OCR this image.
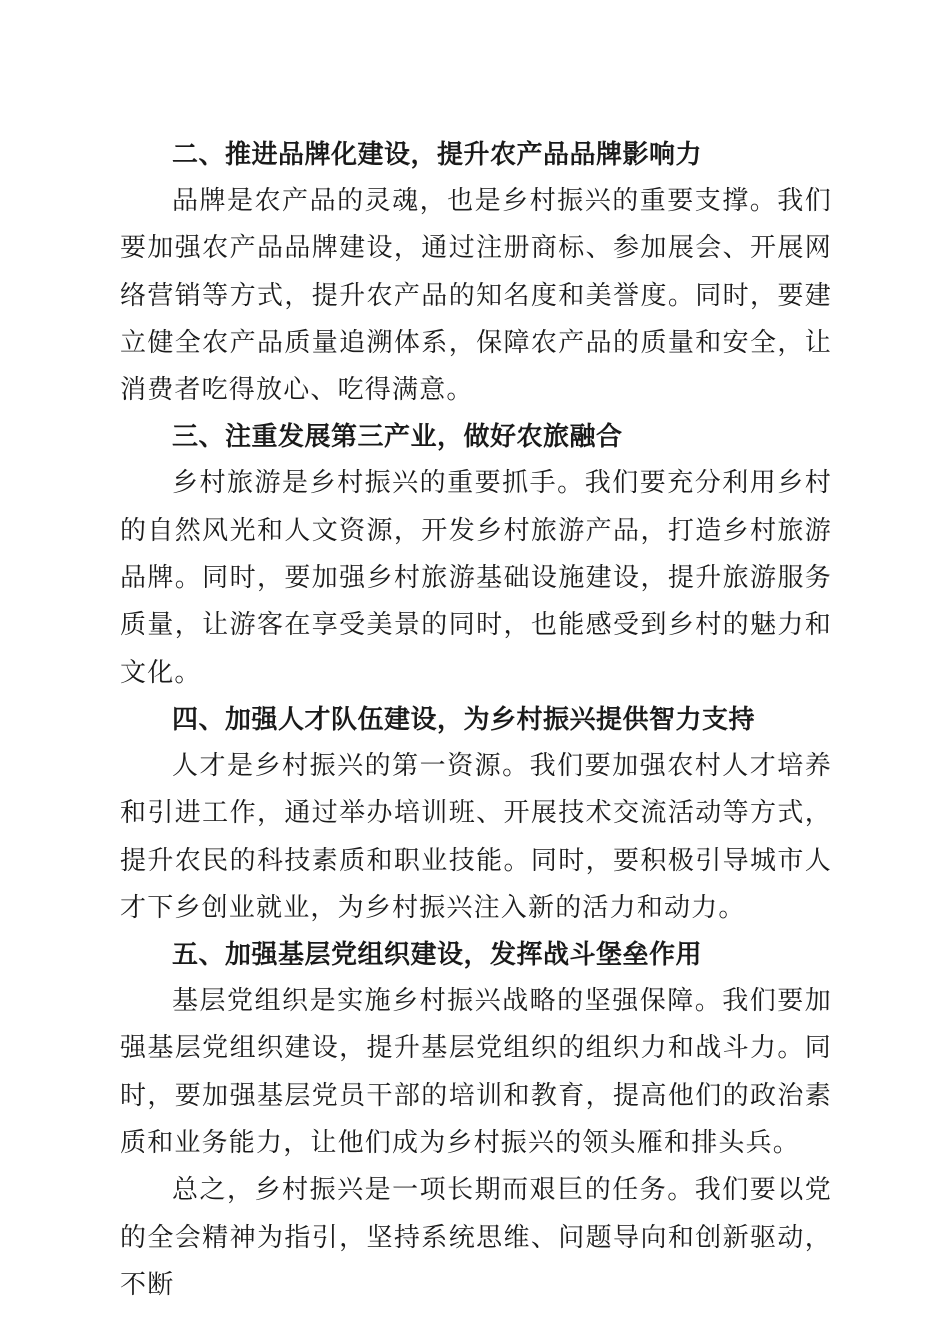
二、推进品牌化建设，提升农产品品牌影响力

品牌是农产品的灵魂，也是乡村振兴的重要支撑。我们要加强农产品品牌建设，通过注册商标、参加展会、开展网络营销等方式，提升农产品的知名度和美誉度。同时，要建立健全农产品质量追溯体系，保障农产品的质量和安全，让消费者吃得放心、吃得满意。

三、注重发展第三产业，做好农旅融合

乡村旅游是乡村振兴的重要抓手。我们要充分利用乡村的自然风光和人文资源，开发乡村旅游产品，打造乡村旅游品牌。同时，要加强乡村旅游基础设施建设，提升旅游服务质量，让游客在享受美景的同时，也能感受到乡村的魅力和文化。

四、加强人才队伍建设，为乡村振兴提供智力支持

人才是乡村振兴的第一资源。我们要加强农村人才培养和引进工作，通过举办培训班、开展技术交流活动等方式，提升农民的科技素质和职业技能。同时，要积极引导城市人才下乡创业就业，为乡村振兴注入新的活力和动力。

五、加强基层党组织建设，发挥战斗堡垒作用

基层党组织是实施乡村振兴战略的坚强保障。我们要加强基层党组织建设，提升基层党组织的组织力和战斗力。同时，要加强基层党员干部的培训和教育，提高他们的政治素质和业务能力，让他们成为乡村振兴的领头雁和排头兵。

总之，乡村振兴是一项长期而艰巨的任务。我们要以党的全会精神为指引，坚持系统思维、问题导向和创新驱动，不断
